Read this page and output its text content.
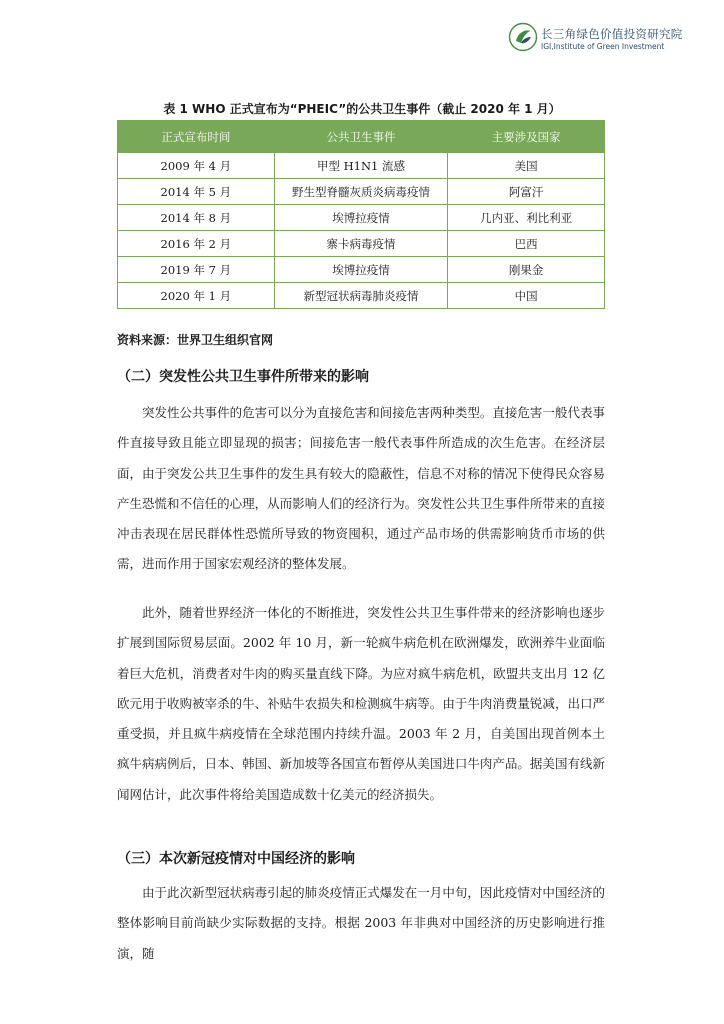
长三角绿色价值投资研究院
IGI,Institute of Green Investment
表 1 WHO 正式宣布为“PHEIC”的公共卫生事件（截止 2020 年 1 月）
正式宣布时间	公共卫生事件	主要涉及国家
2009 年 4 月	甲型 H1N1 流感	美国
2014 年 5 月	野生型脊髓灰质炎病毒疫情	阿富汗
2014 年 8 月	埃博拉疫情	几内亚、利比利亚
2016 年 2 月	寨卡病毒疫情	巴西
2019 年 7 月	埃博拉疫情	刚果金
2020 年 1 月	新型冠状病毒肺炎疫情	中国
资料来源：世界卫生组织官网
（二）突发性公共卫生事件所带来的影响

突发性公共事件的危害可以分为直接危害和间接危害两种类型。直接危害一般代表事件直接导致且能立即显现的损害；间接危害一般代表事件所造成的次生危害。在经济层面，由于突发公共卫生事件的发生具有较大的隐蔽性，信息不对称的情况下使得民众容易产生恐慌和不信任的心理，从而影响人们的经济行为。突发性公共卫生事件所带来的直接冲击表现在居民群体性恐慌所导致的物资囤积，通过产品市场的供需影响货币市场的供需，进而作用于国家宏观经济的整体发展。

此外，随着世界经济一体化的不断推进，突发性公共卫生事件带来的经济影响也逐步扩展到国际贸易层面。2002 年 10 月，新一轮疯牛病危机在欧洲爆发，欧洲养牛业面临着巨大危机，消费者对牛肉的购买量直线下降。为应对疯牛病危机，欧盟共支出月 12 亿欧元用于收购被宰杀的牛、补贴牛农损失和检测疯牛病等。由于牛肉消费量锐减，出口严重受损，并且疯牛病疫情在全球范围内持续升温。2003 年 2 月，自美国出现首例本土疯牛病病例后，日本、韩国、新加坡等各国宣布暂停从美国进口牛肉产品。据美国有线新闻网估计，此次事件将给美国造成数十亿美元的经济损失。

（三）本次新冠疫情对中国经济的影响

由于此次新型冠状病毒引起的肺炎疫情正式爆发在一月中旬，因此疫情对中国经济的整体影响目前尚缺少实际数据的支持。根据 2003 年非典对中国经济的历史影响进行推演，随
